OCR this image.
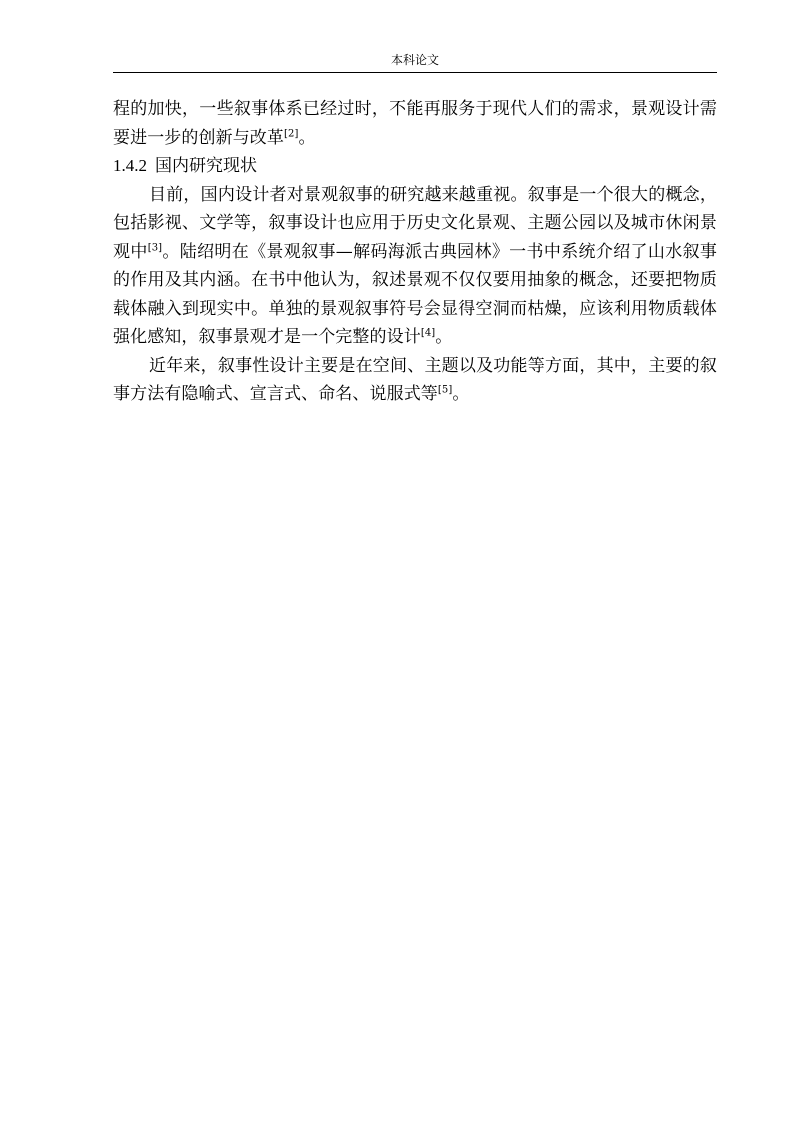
本科论文

程的加快，一些叙事体系已经过时，不能再服务于现代人们的需求，景观设计需要进一步的创新与改革[2]。

1.4.2 国内研究现状

目前，国内设计者对景观叙事的研究越来越重视。叙事是一个很大的概念，包括影视、文学等，叙事设计也应用于历史文化景观、主题公园以及城市休闲景观中[3]。陆绍明在《景观叙事—解码海派古典园林》一书中系统介绍了山水叙事的作用及其内涵。在书中他认为，叙述景观不仅仅要用抽象的概念，还要把物质载体融入到现实中。单独的景观叙事符号会显得空洞而枯燥，应该利用物质载体强化感知，叙事景观才是一个完整的设计[4]。

近年来，叙事性设计主要是在空间、主题以及功能等方面，其中，主要的叙事方法有隐喻式、宣言式、命名、说服式等[5]。
